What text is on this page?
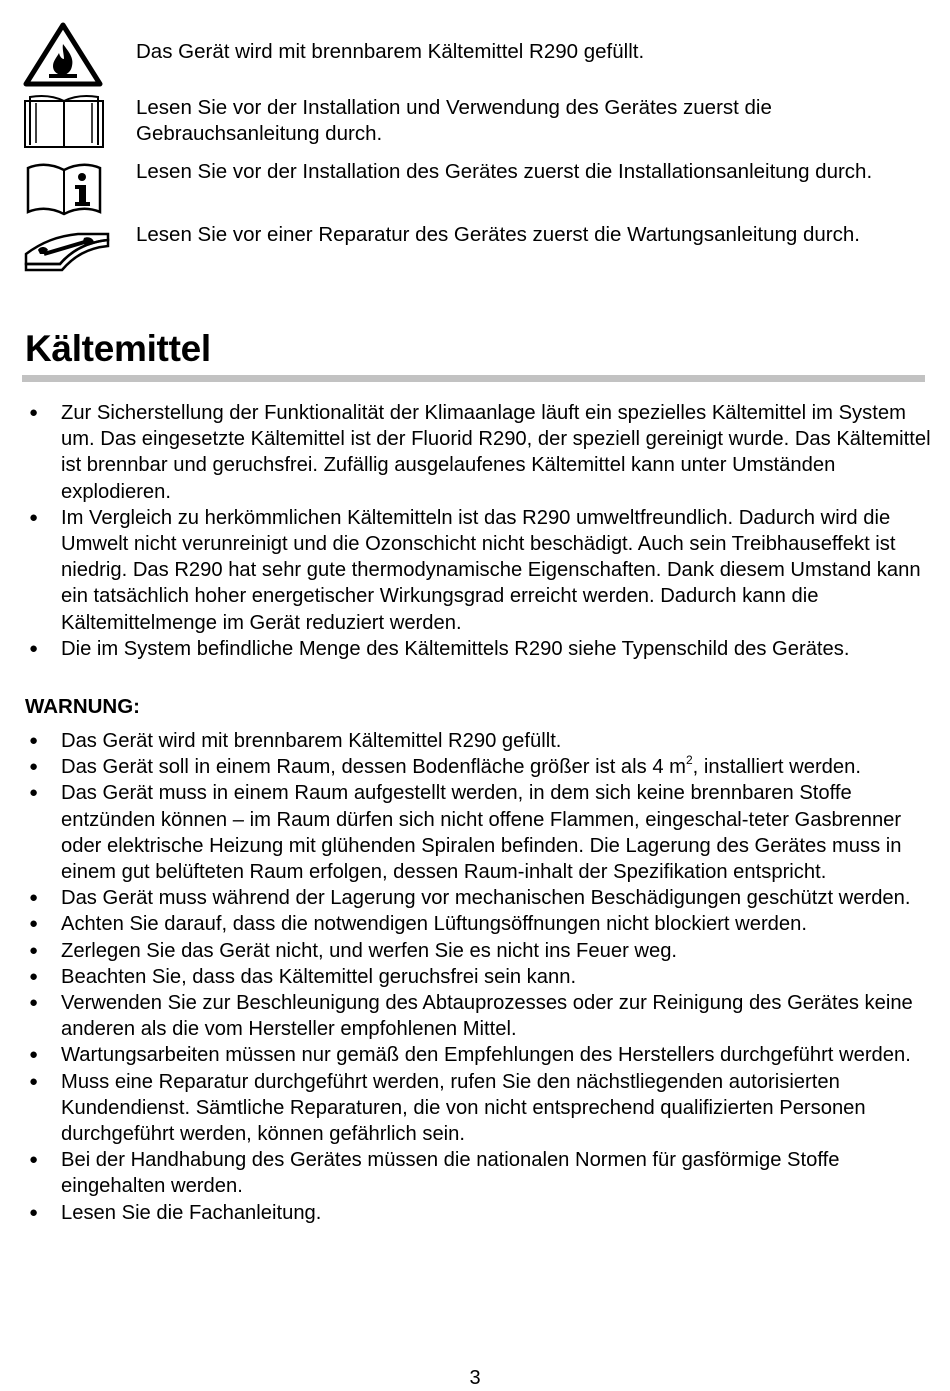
Das Gerät wird mit brennbarem Kältemittel R290 gefüllt.
Lesen Sie vor der Installation und Verwendung des Gerätes zuerst die Gebrauchsanleitung durch.
Lesen Sie vor der Installation des Gerätes zuerst die Installationsanleitung durch.
Lesen Sie vor einer Reparatur des Gerätes zuerst die Wartungsanleitung durch.
Kältemittel
● Zur Sicherstellung der Funktionalität der Klimaanlage läuft ein spezielles Kältemittel im System um. Das eingesetzte Kältemittel ist der Fluorid R290, der speziell gereinigt wurde. Das Kältemittel ist brennbar und geruchsfrei. Zufällig ausgelaufenes Kältemittel kann unter Umständen explodieren.
● Im Vergleich zu herkömmlichen Kältemitteln ist das R290 umweltfreundlich. Dadurch wird die Umwelt nicht verunreinigt und die Ozonschicht nicht beschädigt. Auch sein Treibhauseffekt ist niedrig. Das R290 hat sehr gute thermodynamische Eigenschaften. Dank diesem Umstand kann ein tatsächlich hoher energetischer Wirkungsgrad erreicht werden. Dadurch kann die Kältemittelmenge im Gerät reduziert werden.
● Die im System befindliche Menge des Kältemittels R290 siehe Typenschild des Gerätes.

WARNUNG:

● Das Gerät wird mit brennbarem Kältemittel R290 gefüllt.
● Das Gerät soll in einem Raum, dessen Bodenfläche größer ist als 4 $m^2$, installiert werden.
● Das Gerät muss in einem Raum aufgestellt werden, in dem sich keine brennbaren Stoffe entzünden können – im Raum dürfen sich nicht offene Flammen, eingeschal-teter Gasbrenner oder elektrische Heizung mit glühenden Spiralen befinden. Die Lagerung des Gerätes muss in einem gut belüfteten Raum erfolgen, dessen Raum-inhalt der Spezifikation entspricht.
● Das Gerät muss während der Lagerung vor mechanischen Beschädigungen geschützt werden.
● Achten Sie darauf, dass die notwendigen Lüftungsöffnungen nicht blockiert werden.
● Zerlegen Sie das Gerät nicht, und werfen Sie es nicht ins Feuer weg.
● Beachten Sie, dass das Kältemittel geruchsfrei sein kann.
● Verwenden Sie zur Beschleunigung des Abtauprozesses oder zur Reinigung des Gerätes keine anderen als die vom Hersteller empfohlenen Mittel.
● Wartungsarbeiten müssen nur gemäß den Empfehlungen des Herstellers durchgeführt werden.
● Muss eine Reparatur durchgeführt werden, rufen Sie den nächstliegenden autorisierten Kundendienst. Sämtliche Reparaturen, die von nicht entsprechend qualifizierten Personen durchgeführt werden, können gefährlich sein.
● Bei der Handhabung des Gerätes müssen die nationalen Normen für gasförmige Stoffe eingehalten werden.
● Lesen Sie die Fachanleitung.
3
